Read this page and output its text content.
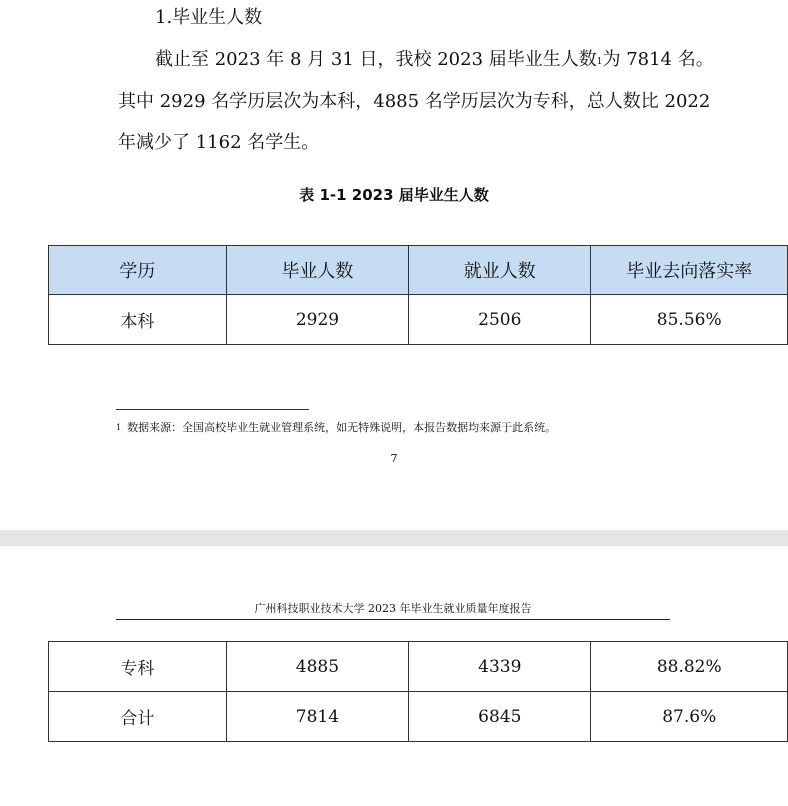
1.毕业生人数
截止至 2023 年 8 月 31 日，我校 2023 届毕业生人数$^1$为 7814 名。
其中 2929 名学历层次为本科，4885 名学历层次为专科，总人数比 2022
年减少了 1162 名学生。
表 1-1 2023 届毕业生人数
学历	毕业人数	就业人数	毕业去向落实率
本科	2929	2506	85.56%
$^1$ 数据来源：全国高校毕业生就业管理系统，如无特殊说明，本报告数据均来源于此系统。
7
广州科技职业技术大学 2023 年毕业生就业质量年度报告
专科	4885	4339	88.82%
合计	7814	6845	87.6%
